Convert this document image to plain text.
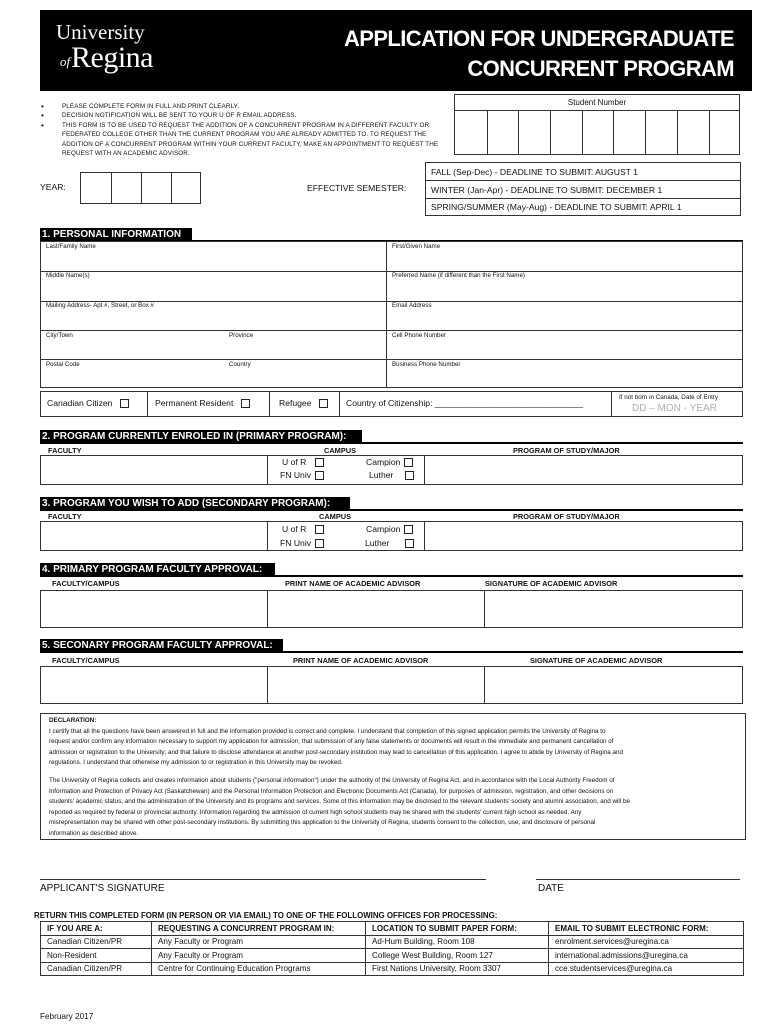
University
of Regina
APPLICATION FOR UNDERGRADUATE
CONCURRENT PROGRAM
• PLEASE COMPLETE FORM IN FULL AND PRINT CLEARLY.
• DECISION NOTIFICATION WILL BE SENT TO YOUR U OF R EMAIL ADDRESS.
• THIS FORM IS TO BE USED TO REQUEST THE ADDITION OF A CONCURRENT PROGRAM IN A DIFFERENT FACULTY OR
FEDERATED COLLEGE OTHER THAN THE CURRENT PROGRAM YOU ARE ALREADY ADMITTED TO. TO REQUEST THE
ADDITION OF A CONCURRENT PROGRAM WITHIN YOUR CURRENT FACULTY, MAKE AN APPOINTMENT TO REQUEST THE
REQUEST WITH AN ACADEMIC ADVISOR.
Student Number
YEAR:	EFFECTIVE SEMESTER:
FALL (Sep-Dec) - DEADLINE TO SUBMIT: AUGUST 1
WINTER (Jan-Apr) - DEADLINE TO SUBMIT: DECEMBER 1
SPRING/SUMMER (May-Aug) - DEADLINE TO SUBMIT: APRIL 1
1. PERSONAL INFORMATION
Last/Family Name	First/Given Name
Middle Name(s)	Preferred Name (if different than the First Name)
Mailing Address- Apt #, Street, or Box #	Email Address
City/Town	Province	Cell Phone Number
Postal Code	Country	Business Phone Number
Canadian Citizen	Permanent Resident	Refugee	Country of Citizenship: _______________________________
If not born in Canada, Date of Entry
DD – MON - YEAR
2. PROGRAM CURRENTLY ENROLED IN (PRIMARY PROGRAM):
FACULTY	CAMPUS	PROGRAM OF STUDY/MAJOR
U of R
FN Univ
Campion
Luther
3. PROGRAM YOU WISH TO ADD (SECONDARY PROGRAM):
FACULTY	CAMPUS	PROGRAM OF STUDY/MAJOR
U of R
FN Univ
Campion
Luther
4. PRIMARY PROGRAM FACULTY APPROVAL:
FACULTY/CAMPUS	PRINT NAME OF ACADEMIC ADVISOR	SIGNATURE OF ACADEMIC ADVISOR
5. SECONARY PROGRAM FACULTY APPROVAL:
FACULTY/CAMPUS	PRINT NAME OF ACADEMIC ADVISOR	SIGNATURE OF ACADEMIC ADVISOR
DECLARATION:
I certify that all the questions have been answered in full and the information provided is correct and complete. I understand that completion of this signed application permits the University of Regina to
request and/or confirm any information necessary to support my application for admission; that submission of any false statements or documents will result in the immediate and permanent cancellation of
admission or registration to the University; and that failure to disclose attendance at another post-secondary institution may lead to cancellation of this application. I agree to abide by University of Regina and
regulations. I understand that otherwise my admission to or registration in this University may be revoked.
The University of Regina collects and creates information about students ("personal information") under the authority of the University of Regina Act, and in accordance with the Local Authority Freedom of
Information and Protection of Privacy Act (Saskatchewan) and the Personal Information Protection and Electronic Documents Act (Canada), for purposes of admission, registration, and other decisions on
students' academic status, and the administration of the University and its programs and services. Some of this information may be disclosed to the relevant students' society and alumni association, and will be
reported as required by federal or provincial authority. Information regarding the admission of current high school students may be shared with the students' current high school as needed. Any
misrepresentation may be shared with other post-secondary institutions. By submitting this application to the University of Regina, students consent to the collection, use, and disclosure of personal
information as described above.
APPLICANT'S SIGNATURE	DATE
RETURN THIS COMPLETED FORM (IN PERSON OR VIA EMAIL) TO ONE OF THE FOLLOWING OFFICES FOR PROCESSING:
IF YOU ARE A:	REQUESTING A CONCURRENT PROGRAM IN:	LOCATION TO SUBMIT PAPER FORM:	EMAIL TO SUBMIT ELECTRONIC FORM:
Canadian Citizen/PR	Any Faculty or Program	Ad-Hum Building, Room 108	enrolment.services@uregina.ca
Non-Resident	Any Faculty or Program	College West Building, Room 127	international.admissions@uregina.ca
Canadian Citizen/PR	Centre for Continuing Education Programs	First Nations University, Room 3307	cce.studentservices@uregina.ca
February 2017
